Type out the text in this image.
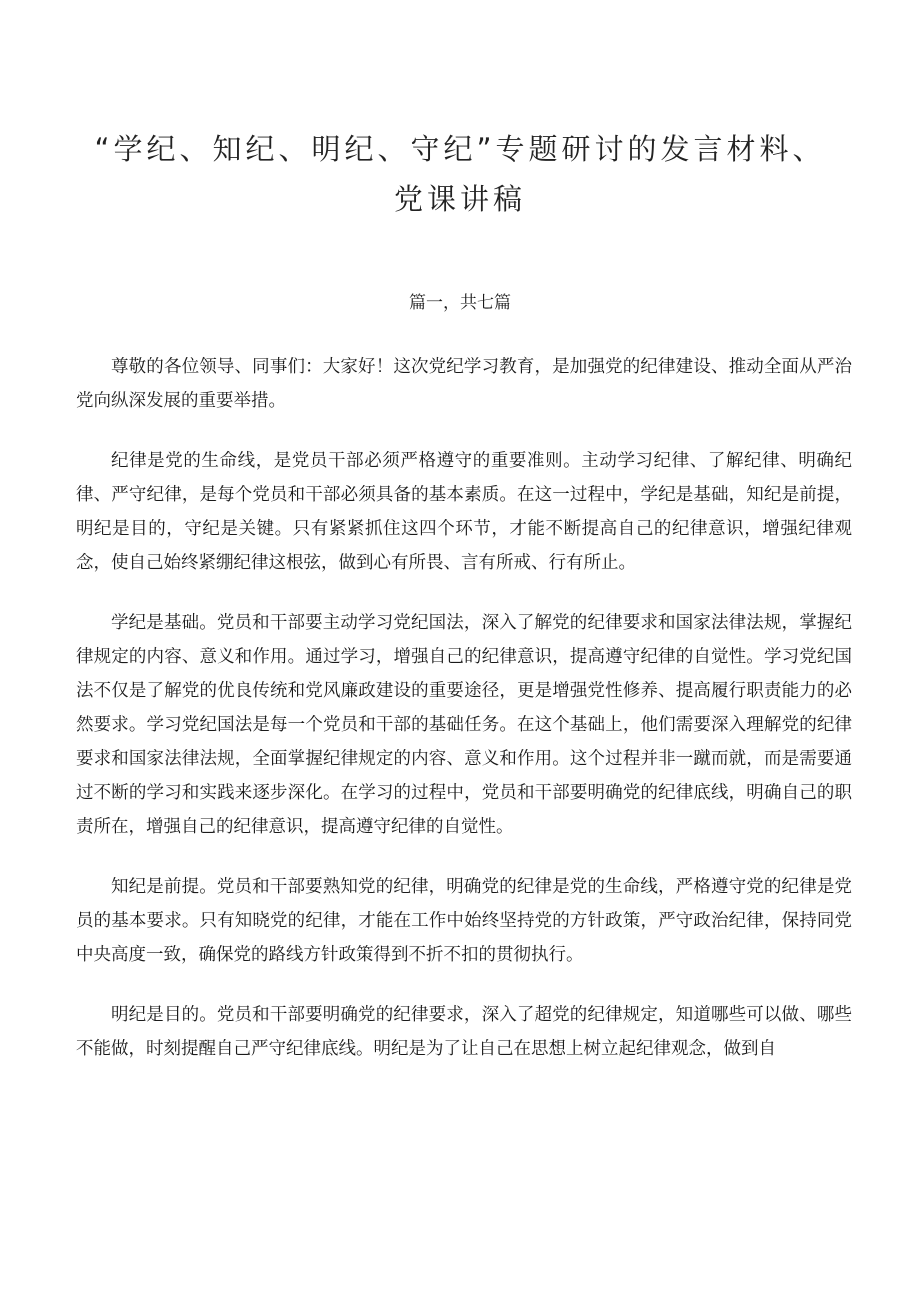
“学纪、知纪、明纪、守纪”专题研讨的发言材料、党课讲稿

篇一，共七篇

尊敬的各位领导、同事们：大家好！这次党纪学习教育，是加强党的纪律建设、推动全面从严治党向纵深发展的重要举措。

纪律是党的生命线，是党员干部必须严格遵守的重要准则。主动学习纪律、了解纪律、明确纪律、严守纪律，是每个党员和干部必须具备的基本素质。在这一过程中，学纪是基础，知纪是前提，明纪是目的，守纪是关键。只有紧紧抓住这四个环节，才能不断提高自己的纪律意识，增强纪律观念，使自己始终紧绷纪律这根弦，做到心有所畏、言有所戒、行有所止。

学纪是基础。党员和干部要主动学习党纪国法，深入了解党的纪律要求和国家法律法规，掌握纪律规定的内容、意义和作用。通过学习，增强自己的纪律意识，提高遵守纪律的自觉性。学习党纪国法不仅是了解党的优良传统和党风廉政建设的重要途径，更是增强党性修养、提高履行职责能力的必然要求。学习党纪国法是每一个党员和干部的基础任务。在这个基础上，他们需要深入理解党的纪律要求和国家法律法规，全面掌握纪律规定的内容、意义和作用。这个过程并非一蹴而就，而是需要通过不断的学习和实践来逐步深化。在学习的过程中，党员和干部要明确党的纪律底线，明确自己的职责所在，增强自己的纪律意识，提高遵守纪律的自觉性。

知纪是前提。党员和干部要熟知党的纪律，明确党的纪律是党的生命线，严格遵守党的纪律是党员的基本要求。只有知晓党的纪律，才能在工作中始终坚持党的方针政策，严守政治纪律，保持同党中央高度一致，确保党的路线方针政策得到不折不扣的贯彻执行。

明纪是目的。党员和干部要明确党的纪律要求，深入了超党的纪律规定，知道哪些可以做、哪些不能做，时刻提醒自己严守纪律底线。明纪是为了让自己在思想上树立起纪律观念，做到自
